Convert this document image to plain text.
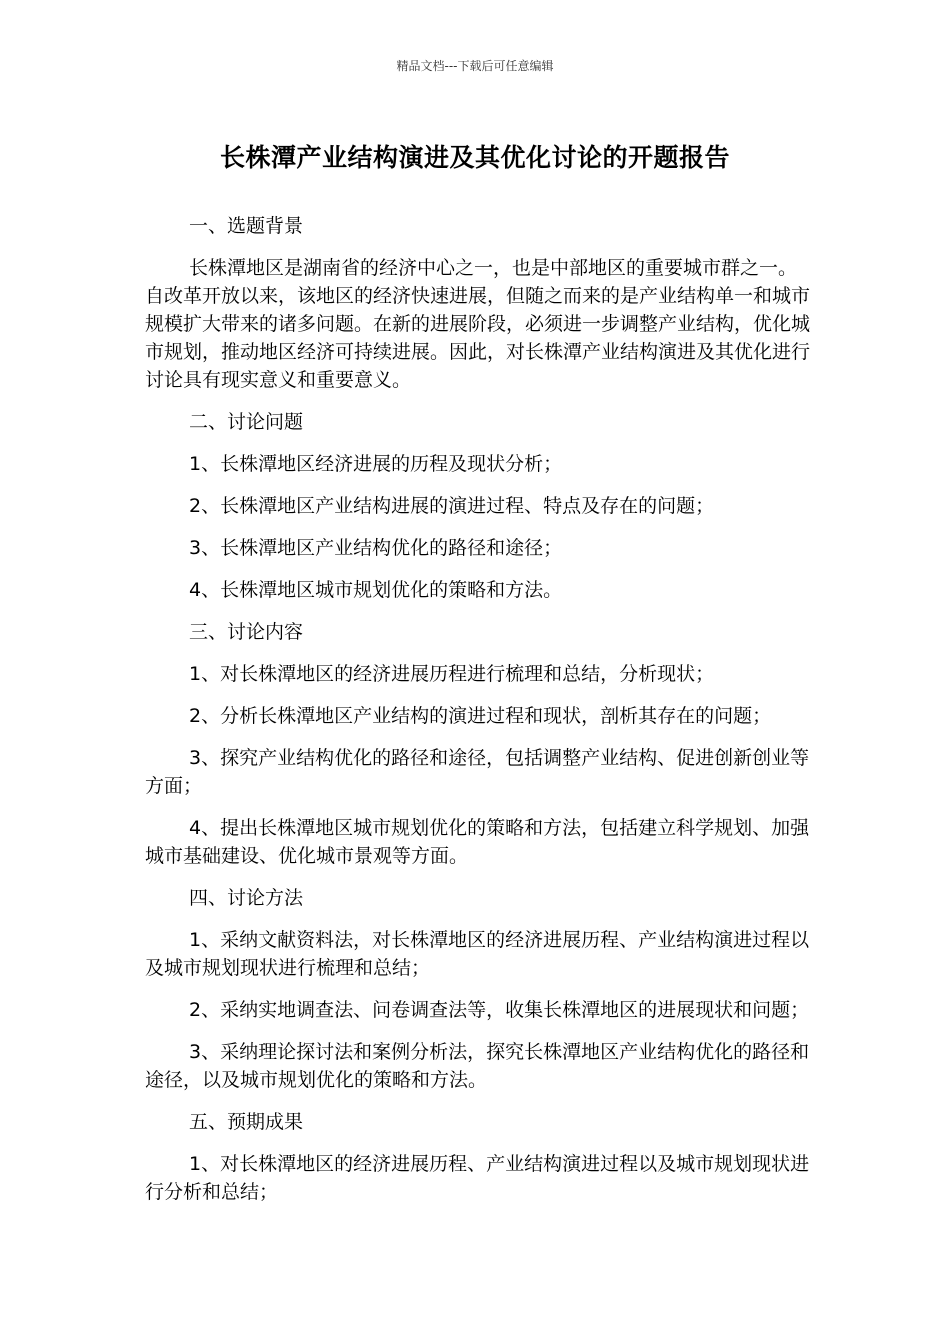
精品文档---下载后可任意编辑
长株潭产业结构演进及其优化讨论的开题报告

一、选题背景

长株潭地区是湖南省的经济中心之一，也是中部地区的重要城市群之一。自改革开放以来，该地区的经济快速进展，但随之而来的是产业结构单一和城市规模扩大带来的诸多问题。在新的进展阶段，必须进一步调整产业结构，优化城市规划，推动地区经济可持续进展。因此，对长株潭产业结构演进及其优化进行讨论具有现实意义和重要意义。

二、讨论问题

1、长株潭地区经济进展的历程及现状分析；

2、长株潭地区产业结构进展的演进过程、特点及存在的问题；

3、长株潭地区产业结构优化的路径和途径；

4、长株潭地区城市规划优化的策略和方法。

三、讨论内容

1、对长株潭地区的经济进展历程进行梳理和总结，分析现状；

2、分析长株潭地区产业结构的演进过程和现状，剖析其存在的问题；

3、探究产业结构优化的路径和途径，包括调整产业结构、促进创新创业等方面；

4、提出长株潭地区城市规划优化的策略和方法，包括建立科学规划、加强城市基础建设、优化城市景观等方面。

四、讨论方法

1、采纳文献资料法，对长株潭地区的经济进展历程、产业结构演进过程以及城市规划现状进行梳理和总结；

2、采纳实地调查法、问卷调查法等，收集长株潭地区的进展现状和问题；

3、采纳理论探讨法和案例分析法，探究长株潭地区产业结构优化的路径和途径，以及城市规划优化的策略和方法。

五、预期成果

1、对长株潭地区的经济进展历程、产业结构演进过程以及城市规划现状进行分析和总结；
